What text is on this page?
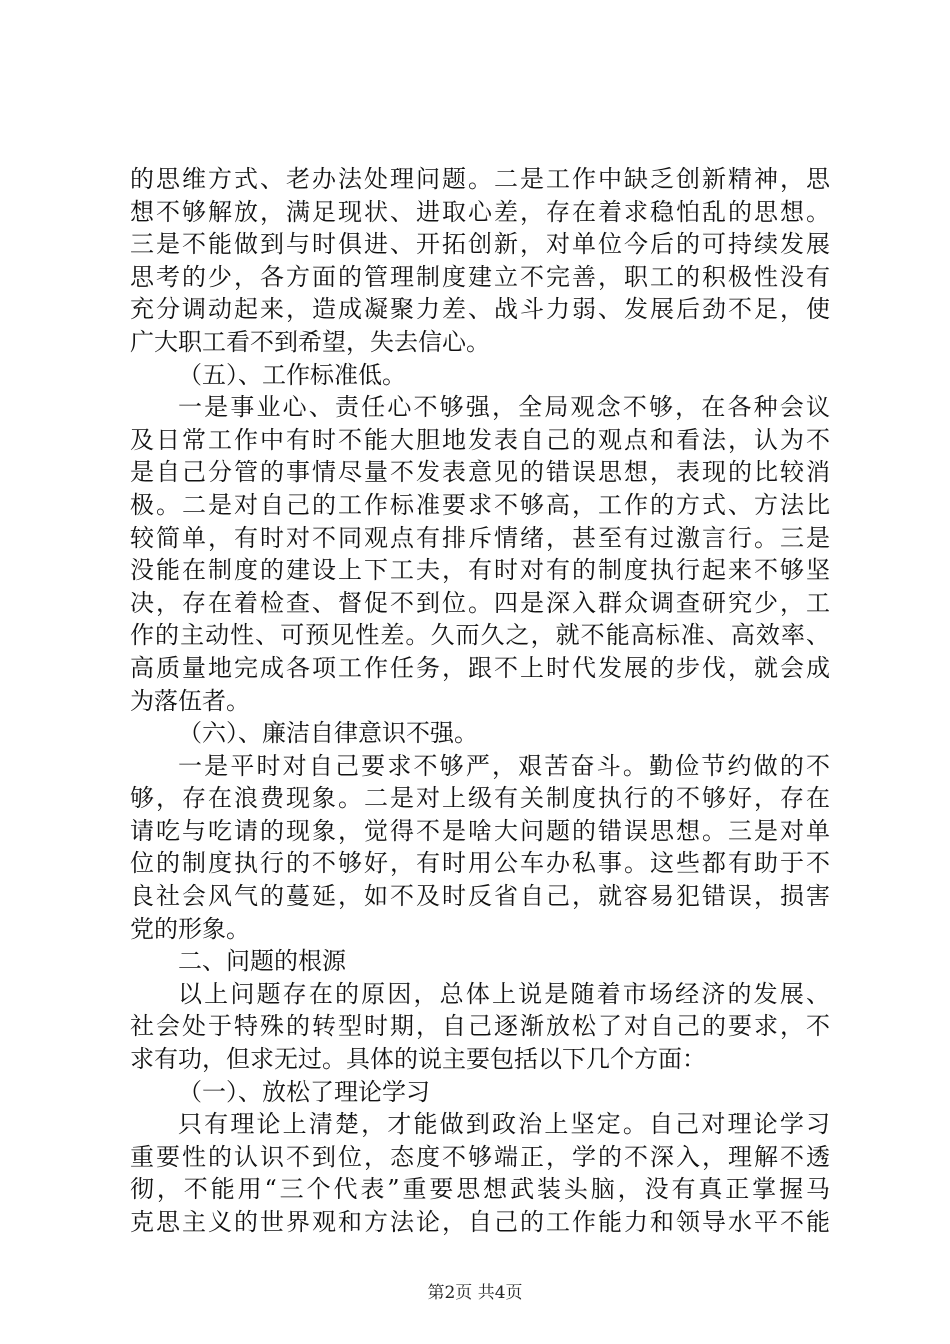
的思维方式、老办法处理问题。二是工作中缺乏创新精神，思
想不够解放，满足现状、进取心差，存在着求稳怕乱的思想。
三是不能做到与时俱进、开拓创新，对单位今后的可持续发展
思考的少，各方面的管理制度建立不完善，职工的积极性没有
充分调动起来，造成凝聚力差、战斗力弱、发展后劲不足，使
广大职工看不到希望，失去信心。
（五）、工作标准低。
一是事业心、责任心不够强，全局观念不够，在各种会议
及日常工作中有时不能大胆地发表自己的观点和看法，认为不
是自己分管的事情尽量不发表意见的错误思想，表现的比较消
极。二是对自己的工作标准要求不够高，工作的方式、方法比
较简单，有时对不同观点有排斥情绪，甚至有过激言行。三是
没能在制度的建设上下工夫，有时对有的制度执行起来不够坚
决，存在着检查、督促不到位。四是深入群众调查研究少，工
作的主动性、可预见性差。久而久之，就不能高标准、高效率、
高质量地完成各项工作任务，跟不上时代发展的步伐，就会成
为落伍者。
（六）、廉洁自律意识不强。
一是平时对自己要求不够严，艰苦奋斗。勤俭节约做的不
够，存在浪费现象。二是对上级有关制度执行的不够好，存在
请吃与吃请的现象，觉得不是啥大问题的错误思想。三是对单
位的制度执行的不够好，有时用公车办私事。这些都有助于不
良社会风气的蔓延，如不及时反省自己，就容易犯错误，损害
党的形象。
二、问题的根源
以上问题存在的原因，总体上说是随着市场经济的发展、
社会处于特殊的转型时期，自己逐渐放松了对自己的要求，不
求有功，但求无过。具体的说主要包括以下几个方面：
（一）、放松了理论学习
只有理论上清楚，才能做到政治上坚定。自己对理论学习
重要性的认识不到位，态度不够端正，学的不深入，理解不透
彻，不能用“三个代表”重要思想武装头脑，没有真正掌握马
克思主义的世界观和方法论，自己的工作能力和领导水平不能
第2页 共4页
